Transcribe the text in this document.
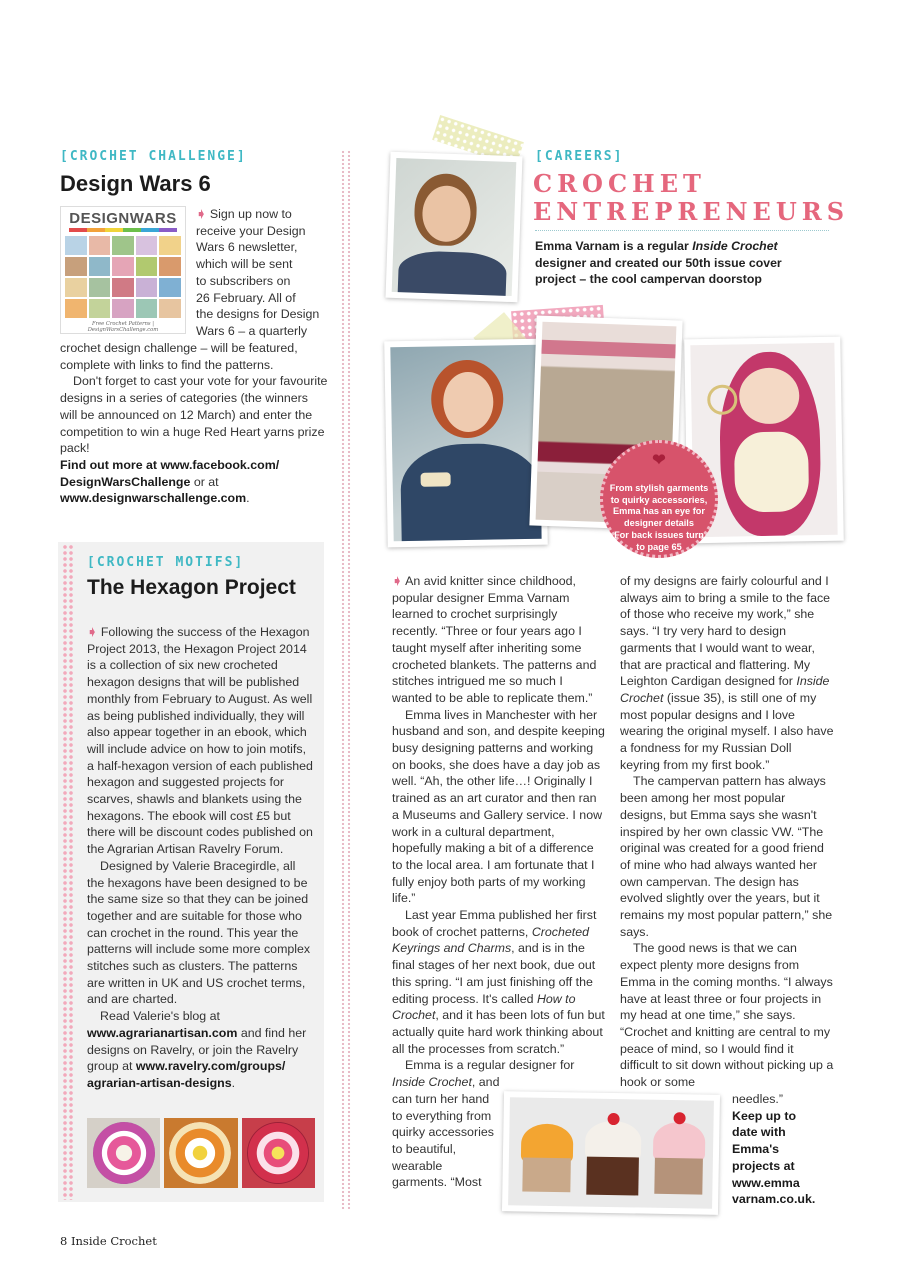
[CROCHET CHALLENGE]
Design Wars 6
DESIGNWARS
Free Crochet Patterns | DesignWarsChallenge.com
➧ Sign up now to
receive your Design
Wars 6 newsletter,
which will be sent
to subscribers on
26 February. All of
the designs for Design
Wars 6 – a quarterly

crochet design challenge – will be featured, complete with links to find the patterns.

Don't forget to cast your vote for your favourite designs in a series of categories (the winners will be announced on 12 March) and enter the competition to win a huge Red Heart yarns prize pack!

Find out more at www.facebook.com/ DesignWarsChallenge or at www.designwarschallenge.com.

[CROCHET MOTIFS]
The Hexagon Project

➧ Following the success of the Hexagon Project 2013, the Hexagon Project 2014 is a collection of six new crocheted hexagon designs that will be published monthly from February to August. As well as being published individually, they will also appear together in an ebook, which will include advice on how to join motifs, a half-hexagon version of each published hexagon and suggested projects for scarves, shawls and blankets using the hexagons. The ebook will cost £5 but there will be discount codes published on the Agrarian Artisan Ravelry Forum.

Designed by Valerie Bracegirdle, all the hexagons have been designed to be the same size so that they can be joined together and are suitable for those who can crochet in the round. This year the patterns will include some more complex stitches such as clusters. The patterns are written in UK and US crochet terms, and are charted.

Read Valerie's blog at www.agrarianartisan.com and find her designs on Ravelry, or join the Ravelry group at www.ravelry.com/groups/ agrarian-artisan-designs.

[CAREERS]
CROCHET
ENTREPRENEURS
Emma Varnam is a regular Inside Crochet designer and created our 50th issue cover project – the cool campervan doorstop
❤
From stylish garments to quirky accessories, Emma has an eye for designer details
For back issues turn to page 65

➧ An avid knitter since childhood, popular designer Emma Varnam learned to crochet surprisingly recently. “Three or four years ago I taught myself after inheriting some crocheted blankets. The patterns and stitches intrigued me so much I wanted to be able to replicate them.”

Emma lives in Manchester with her husband and son, and despite keeping busy designing patterns and working on books, she does have a day job as well. “Ah, the other life…! Originally I trained as an art curator and then ran a Museums and Gallery service. I now work in a cultural department, hopefully making a bit of a difference to the local area. I am fortunate that I fully enjoy both parts of my working life.”

Last year Emma published her first book of crochet patterns, Crocheted Keyrings and Charms, and is in the final stages of her next book, due out this spring. “I am just finishing off the editing process. It's called How to Crochet, and it has been lots of fun but actually quite hard work thinking about all the processes from scratch.”

Emma is a regular designer for

Inside Crochet, and
can turn her hand
to everything from
quirky accessories
to beautiful,
wearable
garments. “Most

of my designs are fairly colourful and I always aim to bring a smile to the face of those who receive my work,” she says. “I try very hard to design garments that I would want to wear, that are practical and flattering. My Leighton Cardigan designed for Inside Crochet (issue 35), is still one of my most popular designs and I love wearing the original myself. I also have a fondness for my Russian Doll keyring from my first book.”

The campervan pattern has always been among her most popular designs, but Emma says she wasn't inspired by her own classic VW. “The original was created for a good friend of mine who had always wanted her own campervan. The design has evolved slightly over the years, but it remains my most popular pattern,” she says.

The good news is that we can expect plenty more designs from Emma in the coming months. “I always have at least three or four projects in my head at one time,” she says. “Crochet and knitting are central to my peace of mind, so I would find it difficult to sit down without picking up a hook or some

needles.”
Keep up to
date with
Emma's
projects at
www.emma
varnam.co.uk.
8 Inside Crochet
